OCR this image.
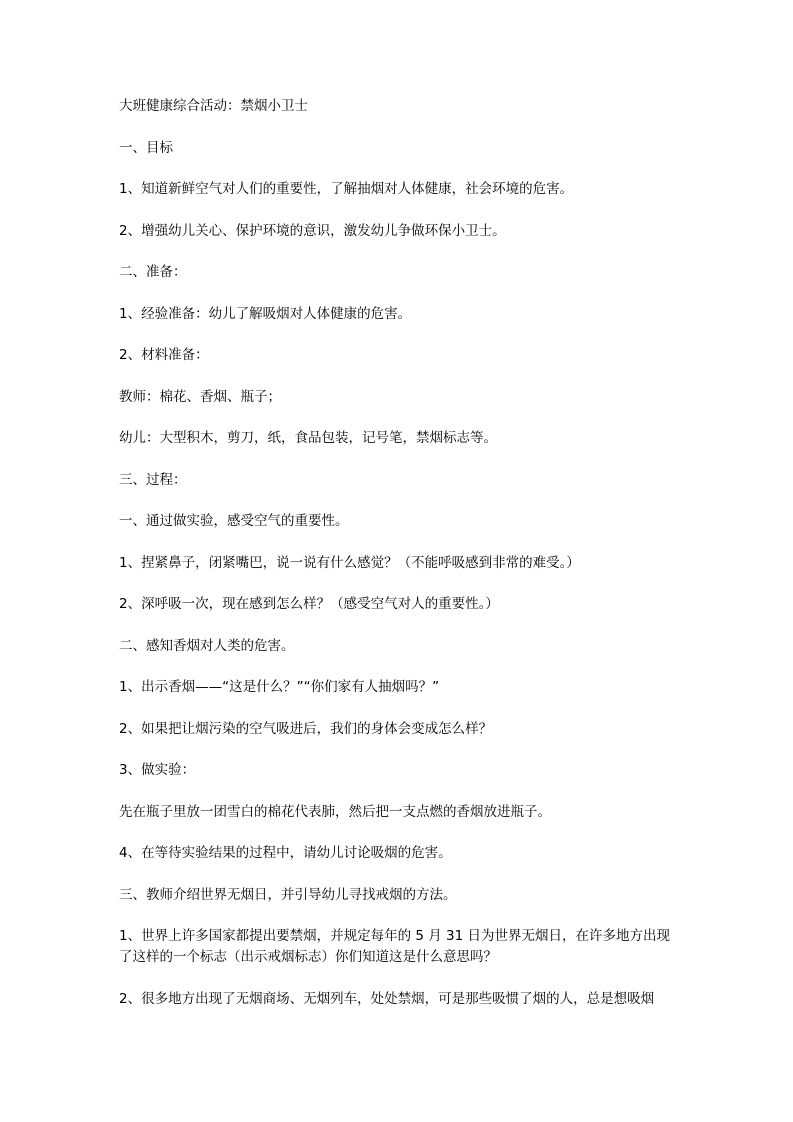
大班健康综合活动：禁烟小卫士

一、目标

1、知道新鲜空气对人们的重要性，了解抽烟对人体健康，社会环境的危害。

2、增强幼儿关心、保护环境的意识，激发幼儿争做环保小卫士。

二、准备：

1、经验准备：幼儿了解吸烟对人体健康的危害。

2、材料准备：

教师：棉花、香烟、瓶子；

幼儿：大型积木，剪刀，纸，食品包装，记号笔，禁烟标志等。

三、过程：

一、通过做实验，感受空气的重要性。

1、捏紧鼻子，闭紧嘴巴，说一说有什么感觉？（不能呼吸感到非常的难受。）

2、深呼吸一次，现在感到怎么样？（感受空气对人的重要性。）

二、感知香烟对人类的危害。

1、出示香烟——“这是什么？”“你们家有人抽烟吗？”

2、如果把让烟污染的空气吸进后，我们的身体会变成怎么样？

3、做实验：

先在瓶子里放一团雪白的棉花代表肺，然后把一支点燃的香烟放进瓶子。

4、在等待实验结果的过程中，请幼儿讨论吸烟的危害。

三、教师介绍世界无烟日，并引导幼儿寻找戒烟的方法。

1、世界上许多国家都提出要禁烟，并规定每年的 5 月 31 日为世界无烟日，在许多地方出现了这样的一个标志（出示戒烟标志）你们知道这是什么意思吗？

2、很多地方出现了无烟商场、无烟列车，处处禁烟，可是那些吸惯了烟的人，总是想吸烟
